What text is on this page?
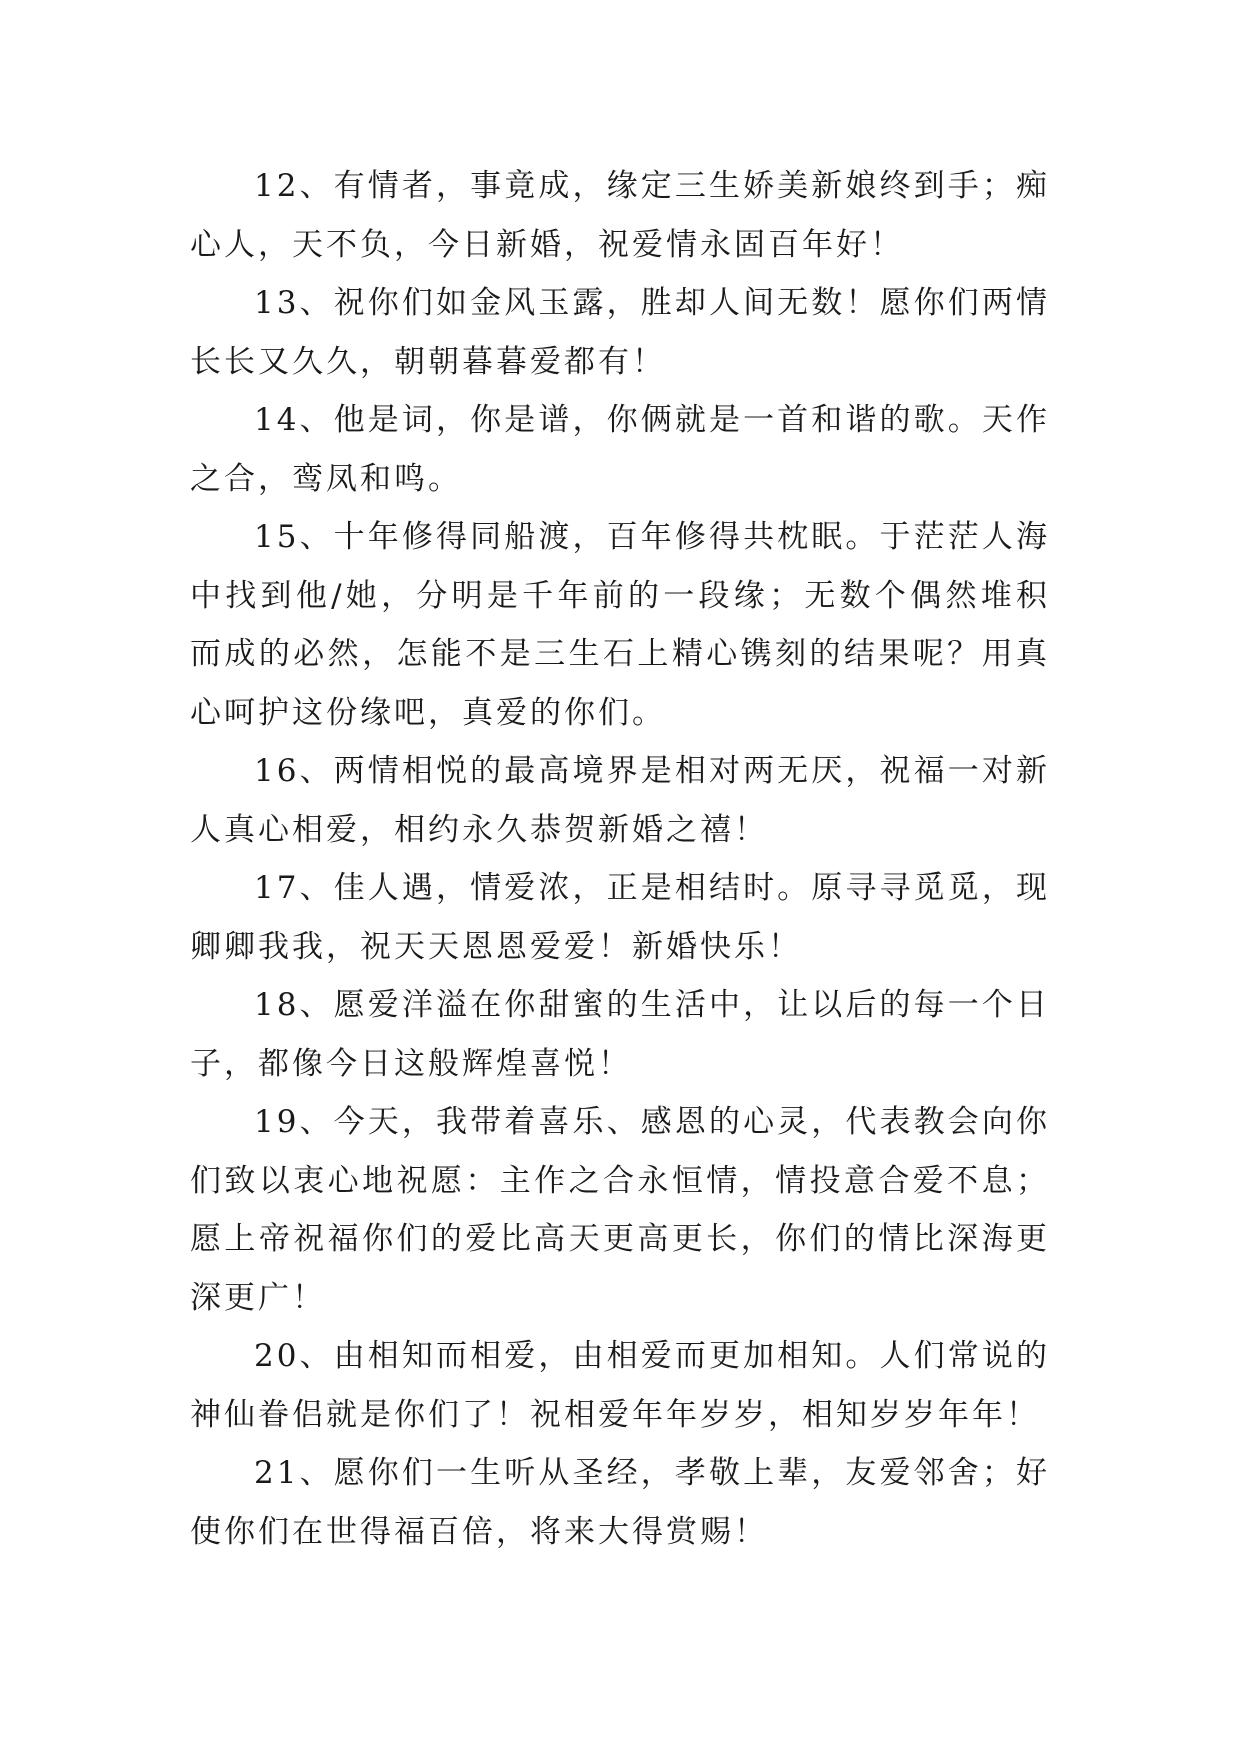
12、有情者，事竟成，缘定三生娇美新娘终到手；痴心人，天不负，今日新婚，祝爱情永固百年好！

13、祝你们如金风玉露，胜却人间无数！愿你们两情长长又久久，朝朝暮暮爱都有！

14、他是词，你是谱，你俩就是一首和谐的歌。天作之合，鸾凤和鸣。

15、十年修得同船渡，百年修得共枕眠。于茫茫人海中找到他/她，分明是千年前的一段缘；无数个偶然堆积而成的必然，怎能不是三生石上精心镌刻的结果呢？用真心呵护这份缘吧，真爱的你们。

16、两情相悦的最高境界是相对两无厌，祝福一对新人真心相爱，相约永久恭贺新婚之禧！

17、佳人遇，情爱浓，正是相结时。原寻寻觅觅，现卿卿我我，祝天天恩恩爱爱！新婚快乐！

18、愿爱洋溢在你甜蜜的生活中，让以后的每一个日子，都像今日这般辉煌喜悦！

19、今天，我带着喜乐、感恩的心灵，代表教会向你们致以衷心地祝愿：主作之合永恒情，情投意合爱不息；愿上帝祝福你们的爱比高天更高更长，你们的情比深海更深更广！

20、由相知而相爱，由相爱而更加相知。人们常说的神仙眷侣就是你们了！祝相爱年年岁岁，相知岁岁年年！

21、愿你们一生听从圣经，孝敬上辈，友爱邻舍；好使你们在世得福百倍，将来大得赏赐！
